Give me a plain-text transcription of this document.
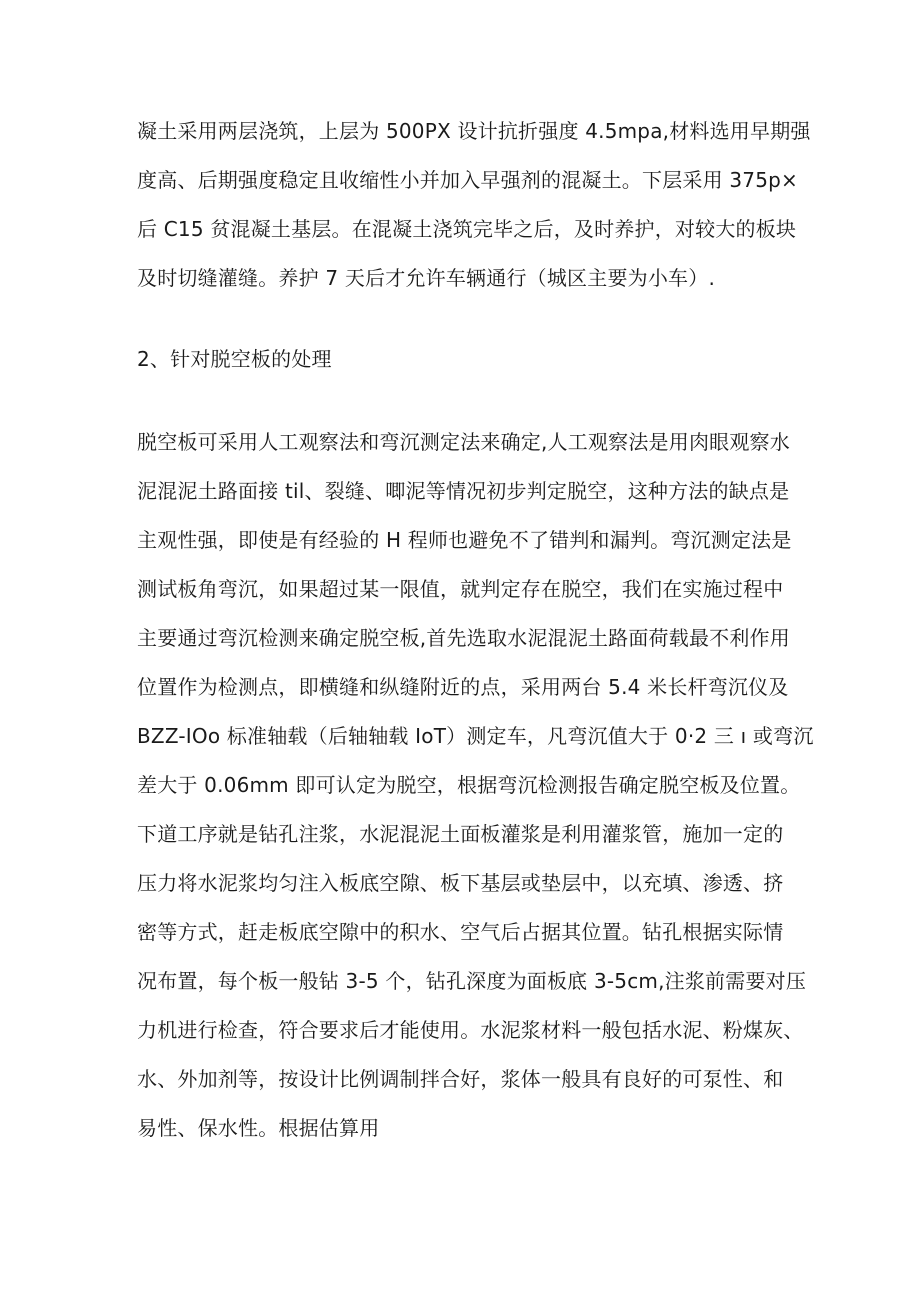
凝土采用两层浇筑，上层为 500PX 设计抗折强度 4.5mpa,材料选用早期强
度高、后期强度稳定且收缩性小并加入早强剂的混凝土。下层采用 375p×
后 C15 贫混凝土基层。在混凝土浇筑完毕之后，及时养护，对较大的板块
及时切缝灌缝。养护 7 天后才允许车辆通行（城区主要为小车）.
2、针对脱空板的处理
脱空板可采用人工观察法和弯沉测定法来确定,人工观察法是用肉眼观察水
泥混泥土路面接 til、裂缝、唧泥等情况初步判定脱空，这种方法的缺点是
主观性强，即使是有经验的 H 程师也避免不了错判和漏判。弯沉测定法是
测试板角弯沉，如果超过某一限值，就判定存在脱空，我们在实施过程中
主要通过弯沉检测来确定脱空板,首先选取水泥混泥土路面荷载最不利作用
位置作为检测点，即横缝和纵缝附近的点，采用两台 5.4 米长杆弯沉仪及
BZZ-IOo 标准轴载（后轴轴载 IoT）测定车，凡弯沉值大于 0·2 三 ı 或弯沉
差大于 0.06mm 即可认定为脱空，根据弯沉检测报告确定脱空板及位置。
下道工序就是钻孔注浆，水泥混泥土面板灌浆是利用灌浆管，施加一定的
压力将水泥浆均匀注入板底空隙、板下基层或垫层中，以充填、渗透、挤
密等方式，赶走板底空隙中的积水、空气后占据其位置。钻孔根据实际情
况布置，每个板一般钻 3-5 个，钻孔深度为面板底 3-5cm,注浆前需要对压
力机进行检查，符合要求后才能使用。水泥浆材料一般包括水泥、粉煤灰、
水、外加剂等，按设计比例调制拌合好，浆体一般具有良好的可泵性、和
易性、保水性。根据估算用
